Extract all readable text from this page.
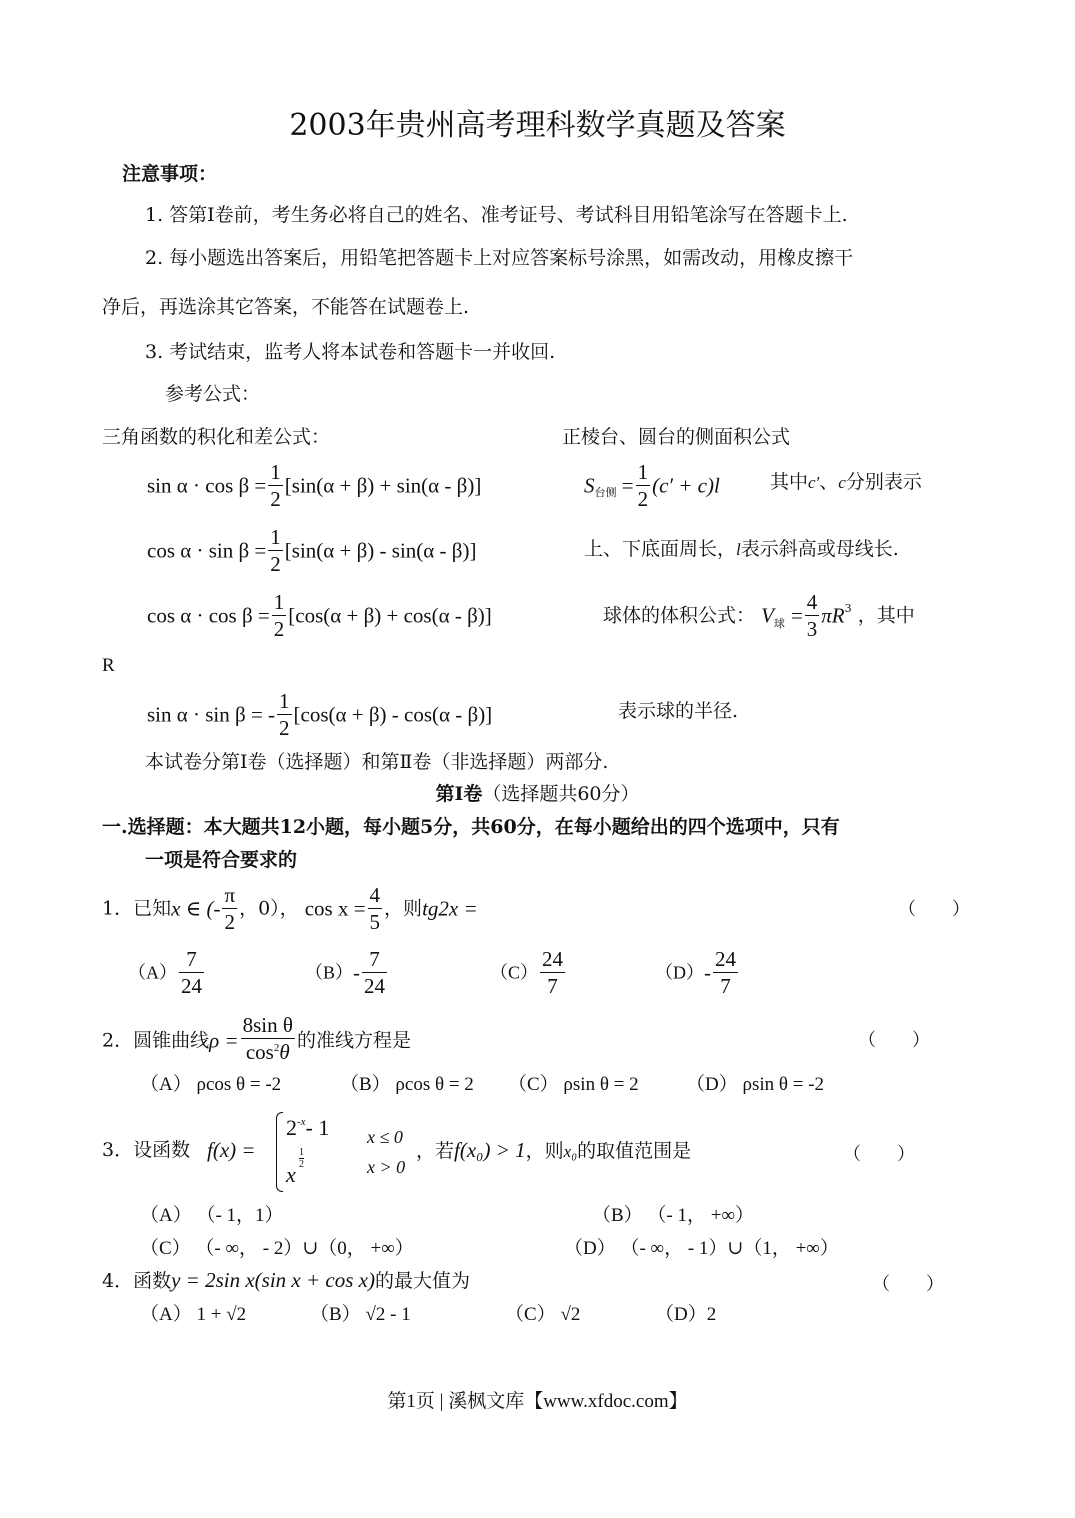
2003年贵州高考理科数学真题及答案
注意事项：
1. 答第Ⅰ卷前，考生务必将自己的姓名、准考证号、考试科目用铅笔涂写在答题卡上.
2. 每小题选出答案后，用铅笔把答题卡上对应答案标号涂黑，如需改动，用橡皮擦干
净后，再选涂其它答案，不能答在试题卷上.
3. 考试结束，监考人将本试卷和答题卡一并收回.
参考公式：
三角函数的积化和差公式：	正棱台、圆台的侧面积公式
$\sin \alpha \cdot \cos \beta = \frac{1}{2} [\sin(\alpha + \beta) + \sin(\alpha - \beta)]$	$S_{台侧} = \frac{1}{2} (c' + c)l$	其中c′、c分别表示
$\cos \alpha \cdot \sin \beta = \frac{1}{2} [\sin(\alpha + \beta) - \sin(\alpha - \beta)]$	上、下底面周长，l表示斜高或母线长.
$\cos \alpha \cdot \cos \beta = \frac{1}{2} [\cos(\alpha + \beta) + \cos(\alpha - \beta)]$	球体的体积公式： $V_球 = \frac{4}{3} \pi R^3$ ，其中
R
sin α · sin β = - $\frac{1}{2} [\cos(\alpha + \beta) - \cos(\alpha - \beta)]$	表示球的半径.
本试卷分第Ⅰ卷（选择题）和第Ⅱ卷（非选择题）两部分.
第Ⅰ卷（选择题共60分）
一.选择题：本大题共12小题，每小题5分，共60分，在每小题给出的四个选项中，只有
一项是符合要求的
1．已知x ∈ (- $\frac{\pi}{2}$ ，0）， $\cos x = \frac{4}{5}$ ，则tg2x =	（　　）
$(A) \frac{7}{24}$	$(B)- \frac{7}{24}$	$(C) \frac{24}{7}$	$(D)- \frac{24}{7}$
2．圆锥曲线$\rho = \frac{\text{8sin θ}}{\cos^2\theta}$ 的准线方程是	（　　）
（A） ρcos θ = -2	（B） ρcos θ = 2 （C） ρsin θ = 2 （D） ρsin θ = -2
3．设函数 f(x) =
$2^{-x}-$ 1 x ≤ 0
x
1
2	x > 0
，若f(x₀) > 1，则x₀的取值范围是	（　　）
（A） （- 1，1）	（B） （- 1， +∞）
（C） （- ∞， - 2）∪（0， +∞）	（D） （- ∞， - 1）∪（1， +∞）
4．函数y = 2sin x(sin x + cos x)的最大值为	（　　）
（A） 1 + √2	（B） √2 - 1	（C） √2	（D）2
第1页 | 溪枫文库【www.xfdoc.com】
